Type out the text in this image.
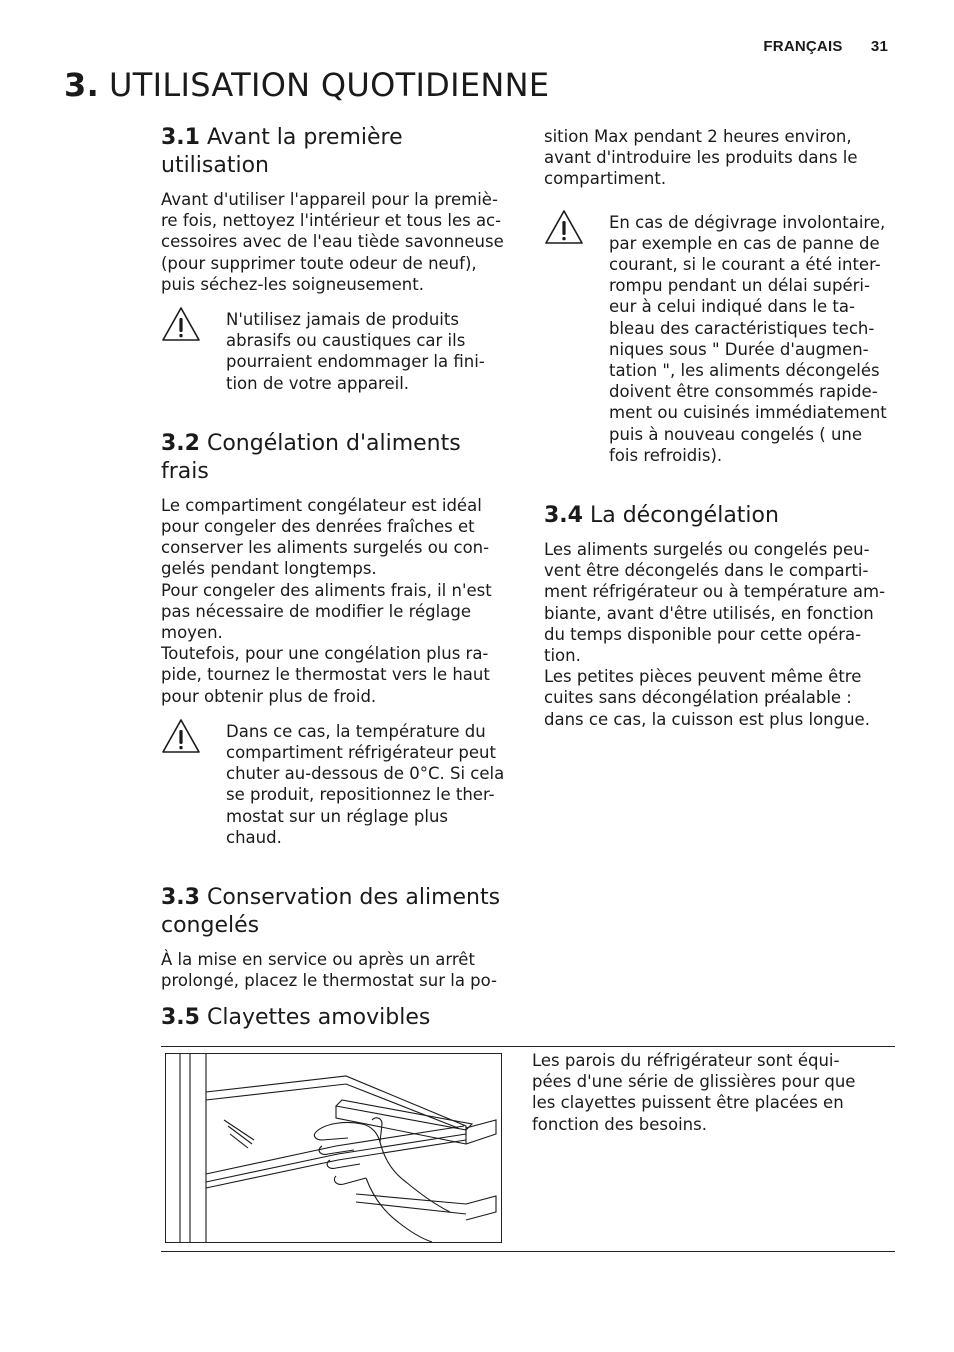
FRANÇAIS 31
3. UTILISATION QUOTIDIENNE
3.1 Avant la première
utilisation

Avant d'utiliser l'appareil pour la premiè-
re fois, nettoyez l'intérieur et tous les ac-
cessoires avec de l'eau tiède savonneuse
(pour supprimer toute odeur de neuf),
puis séchez-les soigneusement.

N'utilisez jamais de produits
abrasifs ou caustiques car ils
pourraient endommager la fini-
tion de votre appareil.

3.2 Congélation d'aliments
frais

Le compartiment congélateur est idéal
pour congeler des denrées fraîches et
conserver les aliments surgelés ou con-
gelés pendant longtemps.
Pour congeler des aliments frais, il n'est
pas nécessaire de modifier le réglage
moyen.
Toutefois, pour une congélation plus ra-
pide, tournez le thermostat vers le haut
pour obtenir plus de froid.

Dans ce cas, la température du
compartiment réfrigérateur peut
chuter au-dessous de 0°C. Si cela
se produit, repositionnez le ther-
mostat sur un réglage plus
chaud.

3.3 Conservation des aliments
congelés

À la mise en service ou après un arrêt
prolongé, placez le thermostat sur la po-

sition Max pendant 2 heures environ,
avant d'introduire les produits dans le
compartiment.

En cas de dégivrage involontaire,
par exemple en cas de panne de
courant, si le courant a été inter-
rompu pendant un délai supéri-
eur à celui indiqué dans le ta-
bleau des caractéristiques tech-
niques sous " Durée d'augmen-
tation ", les aliments décongelés
doivent être consommés rapide-
ment ou cuisinés immédiatement
puis à nouveau congelés ( une
fois refroidis).

3.4 La décongélation

Les aliments surgelés ou congelés peu-
vent être décongelés dans le comparti-
ment réfrigérateur ou à température am-
biante, avant d'être utilisés, en fonction
du temps disponible pour cette opéra-
tion.
Les petites pièces peuvent même être
cuites sans décongélation préalable :
dans ce cas, la cuisson est plus longue.

3.5 Clayettes amovibles

Les parois du réfrigérateur sont équi-
pées d'une série de glissières pour que
les clayettes puissent être placées en
fonction des besoins.
